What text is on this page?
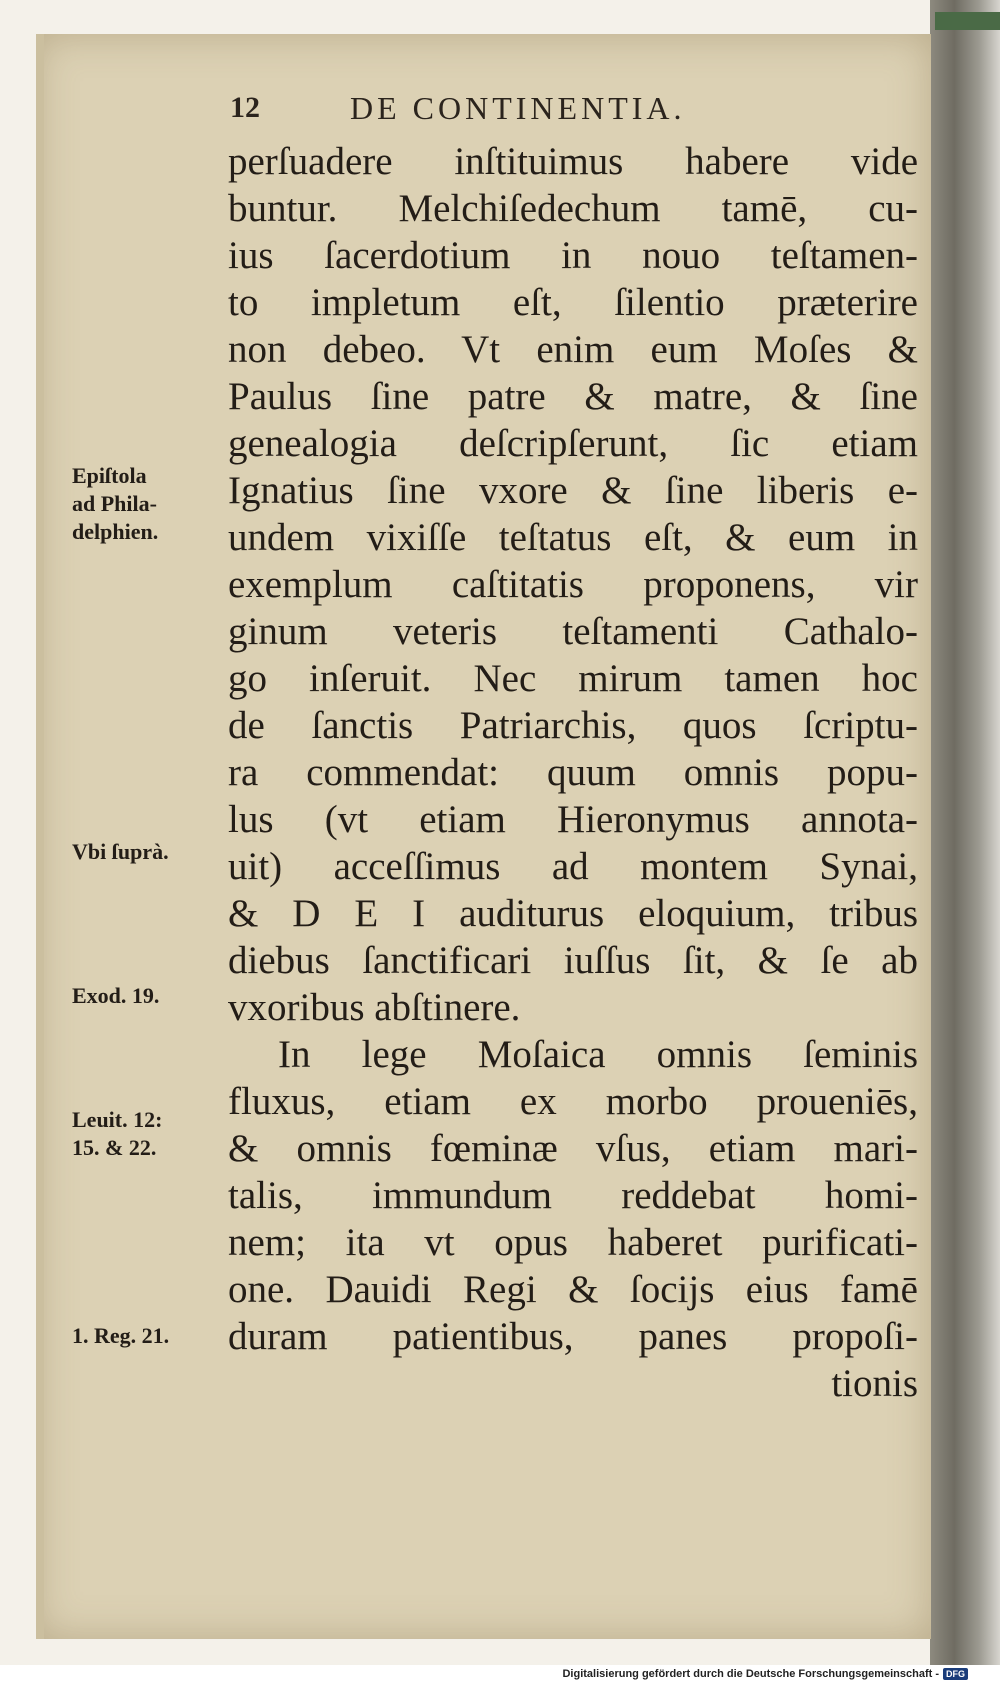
12	DE CONTINENTIA.
perſuadere inſtituimus habere vide
buntur. Melchiſedechum tamē, cu-
ius ſacerdotium in nouo teſtamen-
to impletum eſt, ſilentio prӕterire
non debeo. Vt enim eum Moſes &
Paulus ſine patre & matre, & ſine
genealogia deſcripſerunt, ſic etiam
Ignatius ſine vxore & ſine liberis e-
undem vixiſſe teſtatus eſt, & eum in
exemplum caſtitatis proponens, vir
ginum veteris teſtamenti Cathalo-
go inſeruit. Nec mirum tamen hoc
de ſanctis Patriarchis, quos ſcriptu-
ra commendat: quum omnis popu-
lus (vt etiam Hieronymus annota-
uit) acceſſimus ad montem Synai,
& D E I auditurus eloquium, tribus
diebus ſanctificari iuſſus ſit, & ſe ab
vxoribus abſtinere.
In lege Moſaica omnis ſeminis
fluxus, etiam ex morbo proueniēs,
& omnis fœminӕ vſus, etiam mari-
talis, immundum reddebat homi-
nem; ita vt opus haberet purificati-
one. Dauidi Regi & ſocijs eius famē
duram patientibus, panes propoſi-
tionis
Epiſtola
ad Phila-
delphien.
Vbi ſuprà.
Exod. 19.
Leuit. 12:
15. & 22.
1. Reg. 21.
Digitalisierung gefördert durch die Deutsche Forschungsgemeinschaft - DFG
